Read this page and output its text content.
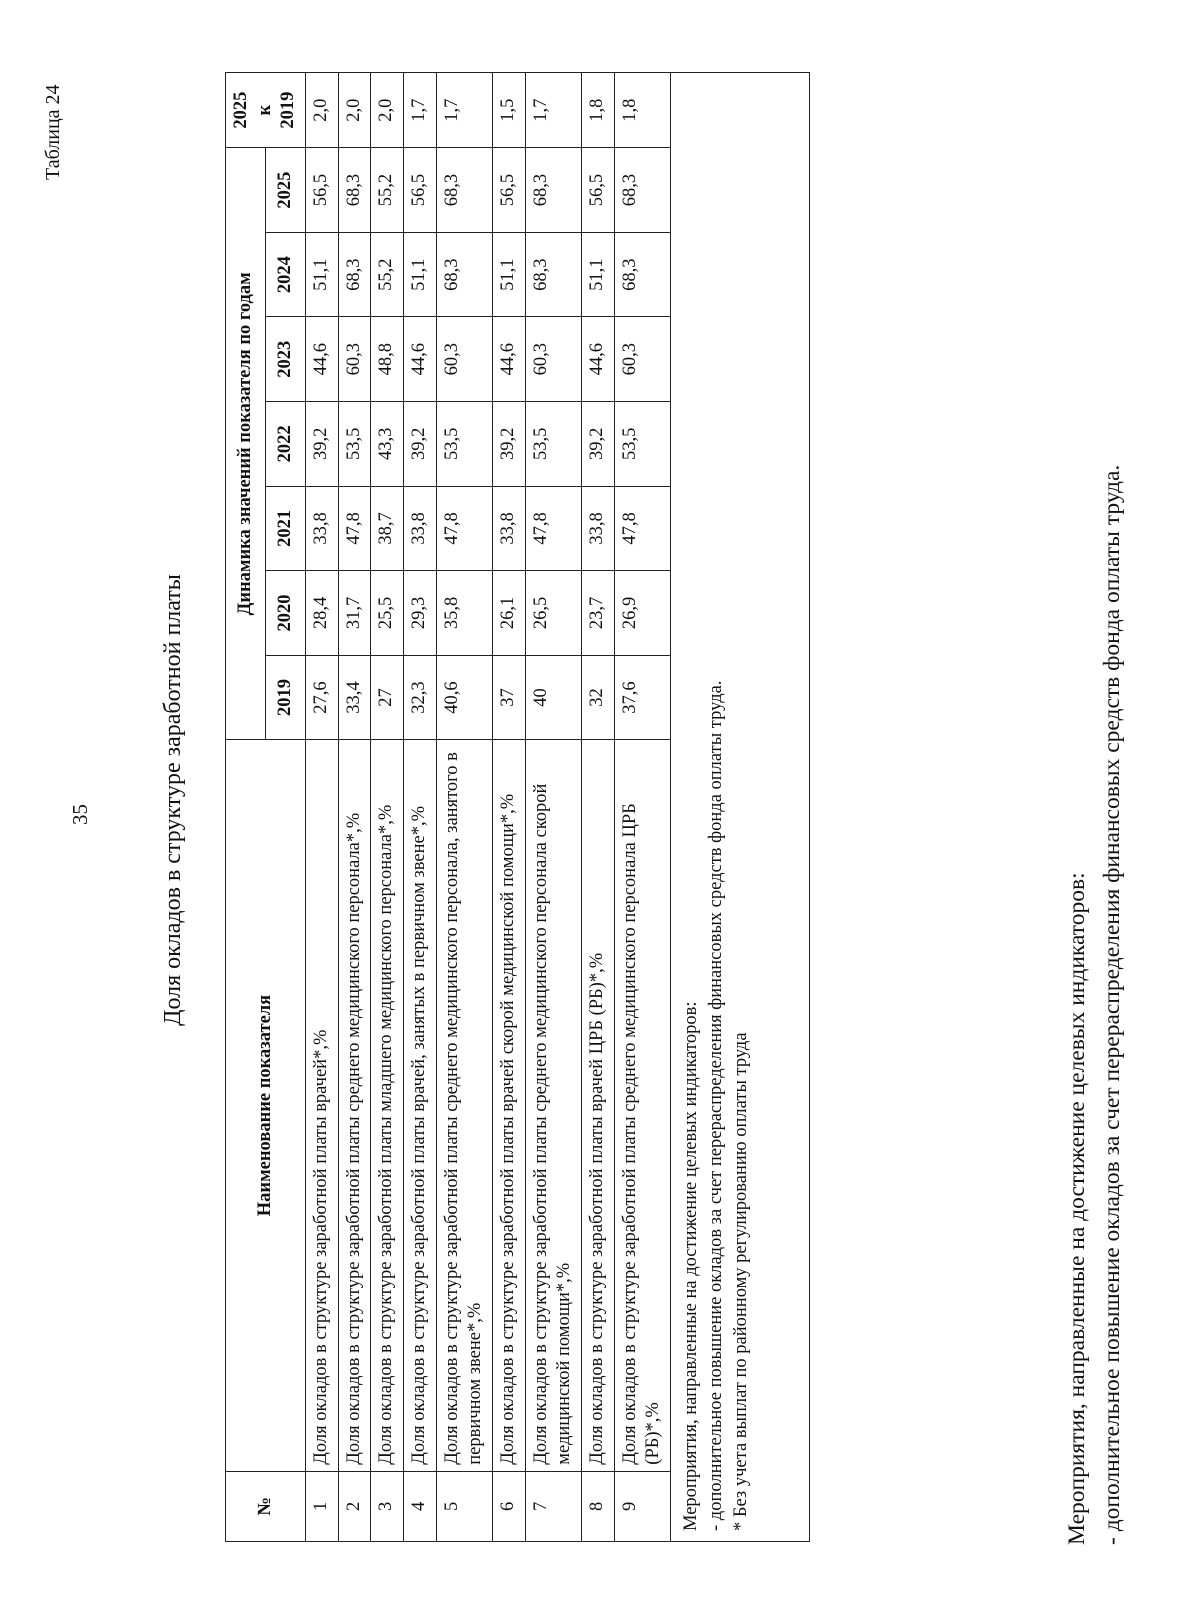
35
Таблица 24
Доля окладов в структуре заработной платы
№	Наименование показателя	Динамика значений показателя по годам							2025 к 2019

		2019	2020	2021	2022	2023	2024	2025	
1	Доля окладов в структуре заработной платы врачей*,%	27,6	28,4	33,8	39,2	44,6	51,1	56,5	2,0
2	Доля окладов в структуре заработной платы среднего медицинского персонала*,%	33,4	31,7	47,8	53,5	60,3	68,3	68,3	2,0
3	Доля окладов в структуре заработной платы младшего медицинского персонала*,%	27	25,5	38,7	43,3	48,8	55,2	55,2	2,0
4	Доля окладов в структуре заработной платы врачей, занятых в первичном звене*,%	32,3	29,3	33,8	39,2	44,6	51,1	56,5	1,7
5	Доля окладов в структуре заработной платы среднего медицинского персонала, занятого в первичном звене*,%	40,6	35,8	47,8	53,5	60,3	68,3	68,3	1,7
6	Доля окладов в структуре заработной платы врачей скорой медицинской помощи*,%	37	26,1	33,8	39,2	44,6	51,1	56,5	1,5
7	Доля окладов в структуре заработной платы среднего медицинского персонала скорой медицинской помощи*,%	40	26,5	47,8	53,5	60,3	68,3	68,3	1,7
8	Доля окладов в структуре заработной платы врачей ЦРБ (РБ)*,%	32	23,7	33,8	39,2	44,6	51,1	56,5	1,8
9	Доля окладов в структуре заработной платы среднего медицинского персонала ЦРБ (РБ)*,%	37,6	26,9	47,8	53,5	60,3	68,3	68,3	1,8

Мероприятия, направленные на достижение целевых индикаторов: - дополнительное повышение окладов за счет перераспределения финансовых средств фонда оплаты труда. * Без учета выплат по районному регулированию оплаты труда										Мероприятия, направленные на достижение целевых индикаторов: - дополнительное повышение окладов за счет перераспределения финансовых средств фонда оплаты труда.
